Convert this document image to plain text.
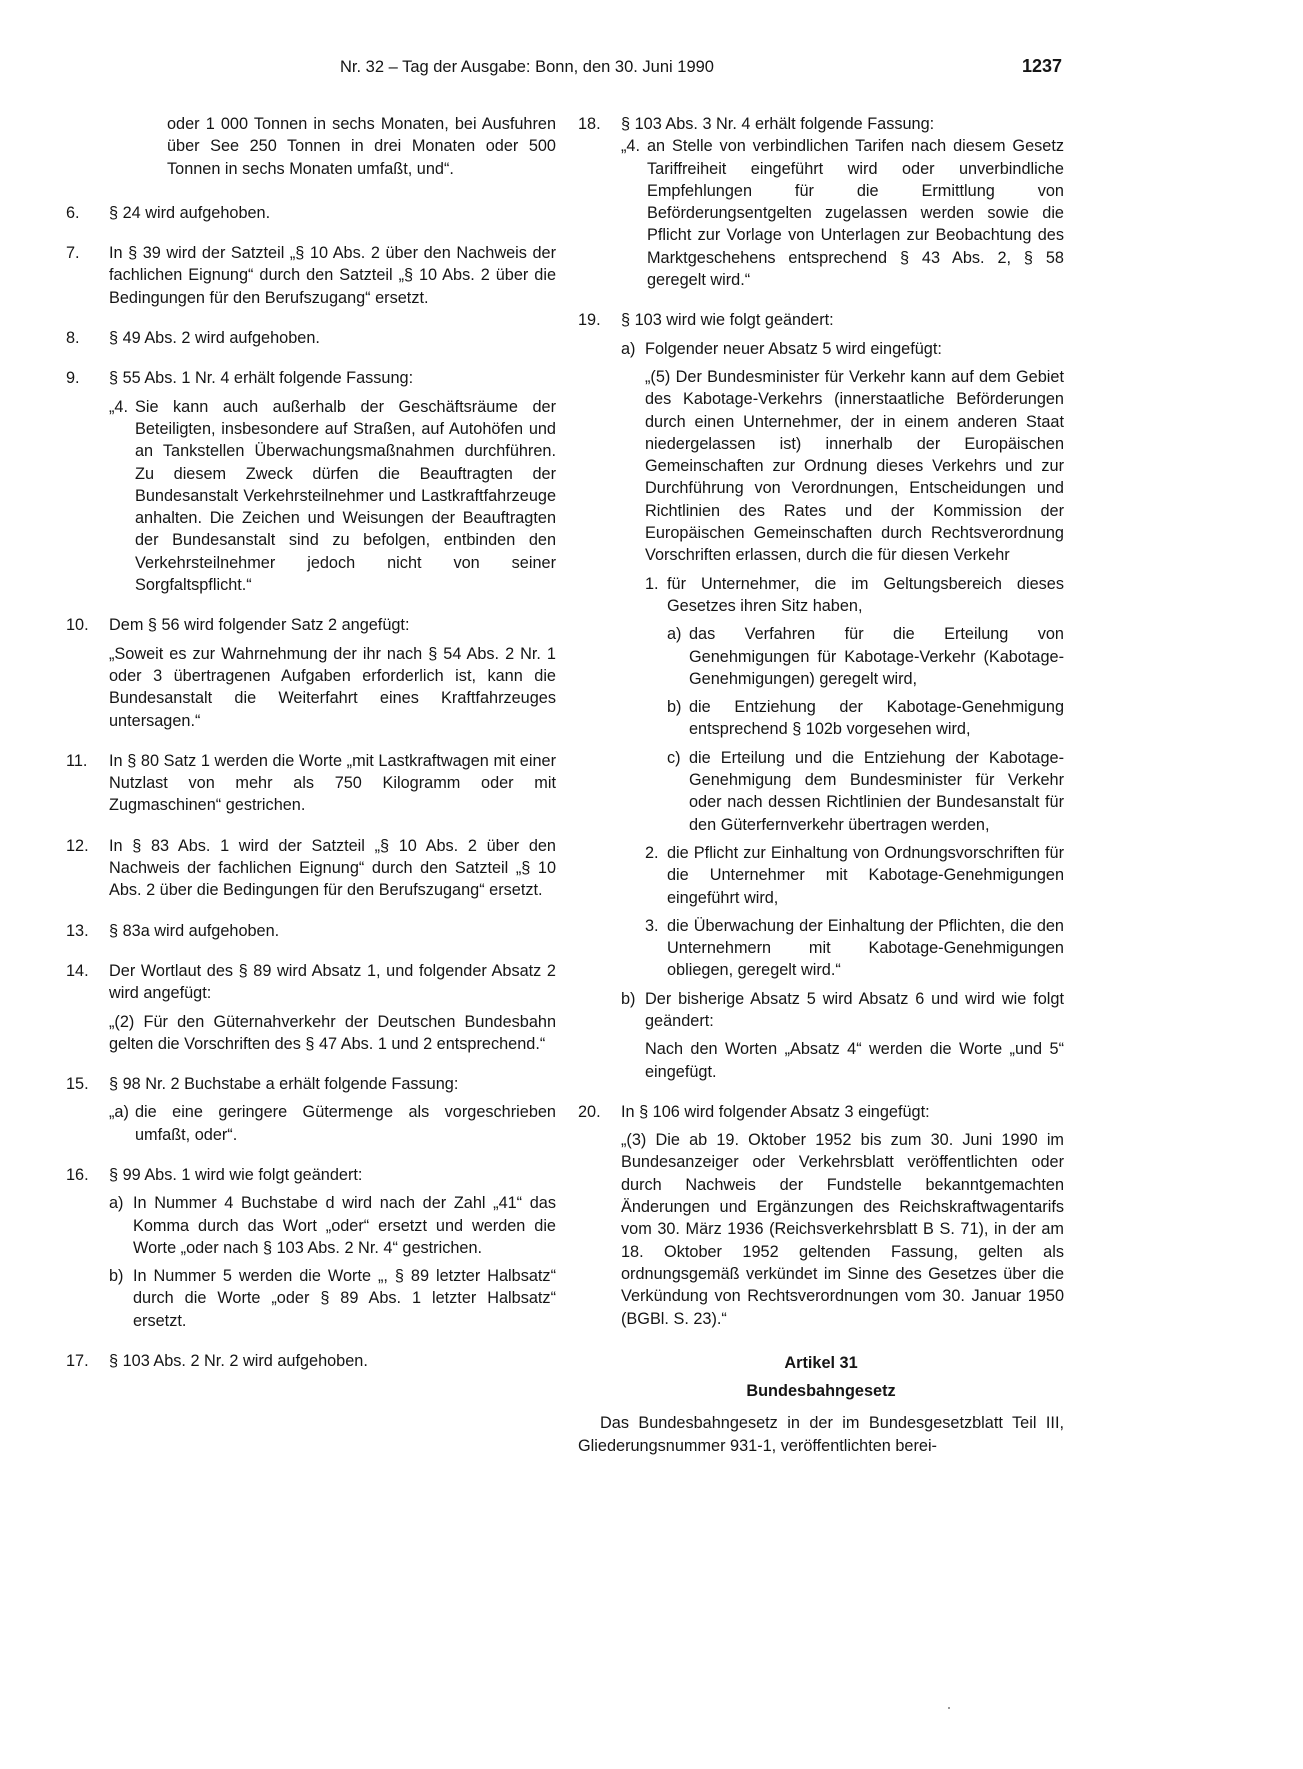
Nr. 32 – Tag der Ausgabe: Bonn, den 30. Juni 1990	1237
oder 1 000 Tonnen in sechs Monaten, bei Ausfuhren über See 250 Tonnen in drei Monaten oder 500 Tonnen in sechs Monaten umfaßt, und“.
6.	§ 24 wird aufgehoben.
7.	In § 39 wird der Satzteil „§ 10 Abs. 2 über den Nachweis der fachlichen Eignung“ durch den Satzteil „§ 10 Abs. 2 über die Bedingungen für den Berufszugang“ ersetzt.
8.	§ 49 Abs. 2 wird aufgehoben.
9.	§ 55 Abs. 1 Nr. 4 erhält folgende Fassung:
„4. Sie kann auch außerhalb der Geschäftsräume der Beteiligten, insbesondere auf Straßen, auf Autohöfen und an Tankstellen Überwachungsmaßnahmen durchführen. Zu diesem Zweck dürfen die Beauftragten der Bundesanstalt Verkehrsteilnehmer und Lastkraftfahrzeuge anhalten. Die Zeichen und Weisungen der Beauftragten der Bundesanstalt sind zu befolgen, entbinden den Verkehrsteilnehmer jedoch nicht von seiner Sorgfaltspflicht.“
10.	Dem § 56 wird folgender Satz 2 angefügt:
„Soweit es zur Wahrnehmung der ihr nach § 54 Abs. 2 Nr. 1 oder 3 übertragenen Aufgaben erforderlich ist, kann die Bundesanstalt die Weiterfahrt eines Kraftfahrzeuges untersagen.“
11.	In § 80 Satz 1 werden die Worte „mit Lastkraftwagen mit einer Nutzlast von mehr als 750 Kilogramm oder mit Zugmaschinen“ gestrichen.
12.	In § 83 Abs. 1 wird der Satzteil „§ 10 Abs. 2 über den Nachweis der fachlichen Eignung“ durch den Satzteil „§ 10 Abs. 2 über die Bedingungen für den Berufszugang“ ersetzt.
13.	§ 83a wird aufgehoben.
14.	Der Wortlaut des § 89 wird Absatz 1, und folgender Absatz 2 wird angefügt:
„(2) Für den Güternahverkehr der Deutschen Bundesbahn gelten die Vorschriften des § 47 Abs. 1 und 2 entsprechend.“
15.	§ 98 Nr. 2 Buchstabe a erhält folgende Fassung:
„a) die eine geringere Gütermenge als vorgeschrieben umfaßt, oder“.
16.	§ 99 Abs. 1 wird wie folgt geändert:
a) In Nummer 4 Buchstabe d wird nach der Zahl „41“ das Komma durch das Wort „oder“ ersetzt und werden die Worte „oder nach § 103 Abs. 2 Nr. 4“ gestrichen.
b) In Nummer 5 werden die Worte „, § 89 letzter Halbsatz“ durch die Worte „oder § 89 Abs. 1 letzter Halbsatz“ ersetzt.
17.	§ 103 Abs. 2 Nr. 2 wird aufgehoben.
18.	§ 103 Abs. 3 Nr. 4 erhält folgende Fassung:
„4. an Stelle von verbindlichen Tarifen nach diesem Gesetz Tariffreiheit eingeführt wird oder unverbindliche Empfehlungen für die Ermittlung von Beförderungsentgelten zugelassen werden sowie die Pflicht zur Vorlage von Unterlagen zur Beobachtung des Marktgeschehens entsprechend § 43 Abs. 2, § 58 geregelt wird.“
19.	§ 103 wird wie folgt geändert:
a) Folgender neuer Absatz 5 wird eingefügt:
„(5) Der Bundesminister für Verkehr kann auf dem Gebiet des Kabotage-Verkehrs (innerstaatliche Beförderungen durch einen Unternehmer, der in einem anderen Staat niedergelassen ist) innerhalb der Europäischen Gemeinschaften zur Ordnung dieses Verkehrs und zur Durchführung von Verordnungen, Entscheidungen und Richtlinien des Rates und der Kommission der Europäischen Gemeinschaften durch Rechtsverordnung Vorschriften erlassen, durch die für diesen Verkehr
1. für Unternehmer, die im Geltungsbereich dieses Gesetzes ihren Sitz haben,
a) das Verfahren für die Erteilung von Genehmigungen für Kabotage-Verkehr (Kabotage-Genehmigungen) geregelt wird,
b) die Entziehung der Kabotage-Genehmigung entsprechend § 102b vorgesehen wird,
c) die Erteilung und die Entziehung der Kabotage-Genehmigung dem Bundesminister für Verkehr oder nach dessen Richtlinien der Bundesanstalt für den Güterfernverkehr übertragen werden,
2. die Pflicht zur Einhaltung von Ordnungsvorschriften für die Unternehmer mit Kabotage-Genehmigungen eingeführt wird,
3. die Überwachung der Einhaltung der Pflichten, die den Unternehmern mit Kabotage-Genehmigungen obliegen, geregelt wird.“
b) Der bisherige Absatz 5 wird Absatz 6 und wird wie folgt geändert:
Nach den Worten „Absatz 4“ werden die Worte „und 5“ eingefügt.
20.	In § 106 wird folgender Absatz 3 eingefügt:
„(3) Die ab 19. Oktober 1952 bis zum 30. Juni 1990 im Bundesanzeiger oder Verkehrsblatt veröffentlichten oder durch Nachweis der Fundstelle bekanntgemachten Änderungen und Ergänzungen des Reichskraftwagentarifs vom 30. März 1936 (Reichsverkehrsblatt B S. 71), in der am 18. Oktober 1952 geltenden Fassung, gelten als ordnungsgemäß verkündet im Sinne des Gesetzes über die Verkündung von Rechtsverordnungen vom 30. Januar 1950 (BGBl. S. 23).“
Artikel 31
Bundesbahngesetz
Das Bundesbahngesetz in der im Bundesgesetzblatt Teil III, Gliederungsnummer 931-1, veröffentlichten berei-
